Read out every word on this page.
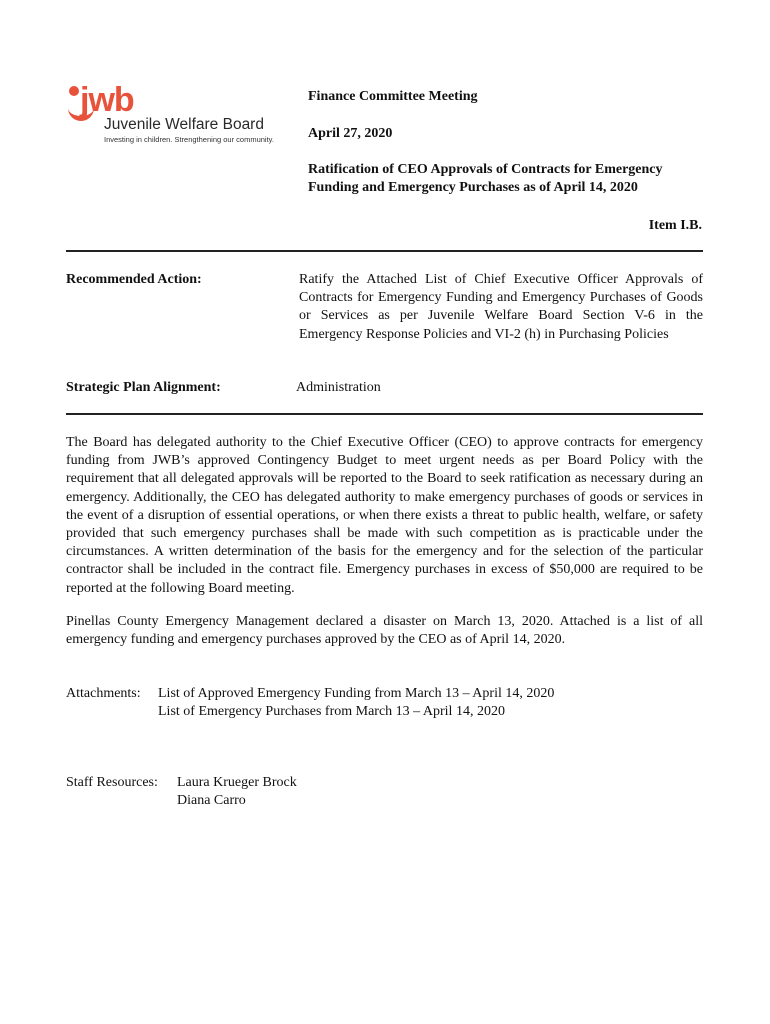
jwb
Juvenile Welfare Board
Investing in children. Strengthening our community.
Finance Committee Meeting
April 27, 2020
Ratification of CEO Approvals of Contracts for Emergency
Funding and Emergency Purchases as of April 14, 2020
Item I.B.
Recommended Action:	Ratify the Attached List of Chief Executive Officer Approvals of Contracts for Emergency Funding and Emergency Purchases of Goods or Services as per Juvenile Welfare Board Section V-6 in the Emergency Response Policies and VI-2 (h) in Purchasing Policies
Strategic Plan Alignment:	Administration
The Board has delegated authority to the Chief Executive Officer (CEO) to approve contracts for emergency funding from JWB’s approved Contingency Budget to meet urgent needs as per Board Policy with the requirement that all delegated approvals will be reported to the Board to seek ratification as necessary during an emergency. Additionally, the CEO has delegated authority to make emergency purchases of goods or services in the event of a disruption of essential operations, or when there exists a threat to public health, welfare, or safety provided that such emergency purchases shall be made with such competition as is practicable under the circumstances. A written determination of the basis for the emergency and for the selection of the particular contractor shall be included in the contract file. Emergency purchases in excess of $50,000 are required to be reported at the following Board meeting.
Pinellas County Emergency Management declared a disaster on March 13, 2020. Attached is a list of all emergency funding and emergency purchases approved by the CEO as of April 14, 2020.
Attachments: List of Approved Emergency Funding from March 13 – April 14, 2020
List of Emergency Purchases from March 13 – April 14, 2020
Staff Resources: Laura Krueger Brock
Diana Carro
